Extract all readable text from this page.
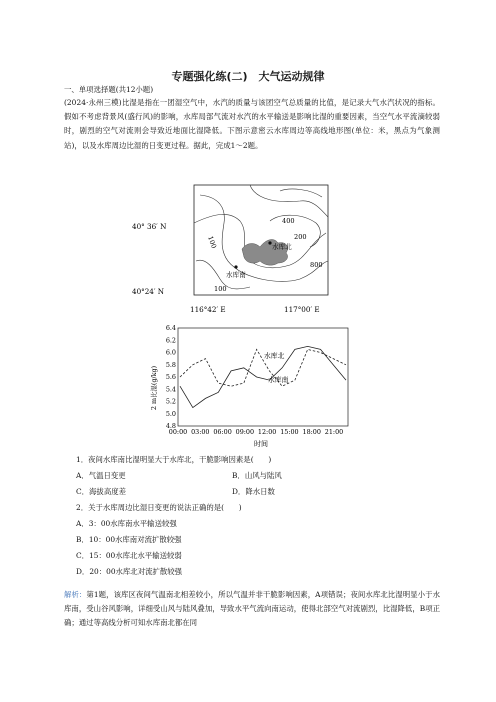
专题强化练(二)　大气运动规律
一、单项选择题(共12小题)
(2024·永州三模)比湿是指在一团湿空气中，水汽的质量与该团空气总质量的比值，是记录大气水汽状况的指标。假如不考虑背景风(盛行风)的影响，水库局部气流对水汽的水平输送是影响比湿的重要因素，当空气水平流滴较弱时，剧烈的空气对流则会导致近地面比湿降低。下图示意密云水库周边等高线地形图(单位：米，黑点为气象测站)，以及水库周边比湿的日变更过程。据此，完成1～2题。
40° 36′ N
40°24′ N
116°42′ E	117°00′ E
100
400
200
800
100
水库北
水库南
2 m比湿(g/kg)
4.8
5.0
5.2
5.4
5.6
5.8
6.0
6.2
6.4
00:00 03:00 06:00 09:00 12:00 15:00 18:00 21:00
水库北
水库南
时间
1．夜间水库南比湿明显大于水库北，干脆影响因素是(　　)
A．气温日变更	B．山风与陆风
C．海拔高度差	D．降水日数
2．关于水库周边比湿日变更的说法正确的是(　　)
A．3：00水库南水平输送较强
B．10：00水库南对流扩散较强
C．15：00水库北水平输送较弱
D．20：00水库北对流扩散较强
解析：第1题，该库区夜间气温南北相差较小，所以气温并非干脆影响因素，A项错误；夜间水库北比湿明显小于水库南，受山谷风影响，详细受山风与陆风叠加，导致水平气流向南运动，使得北部空气对流剧烈，比湿降低，B项正确；通过等高线分析可知水库南北都在同
